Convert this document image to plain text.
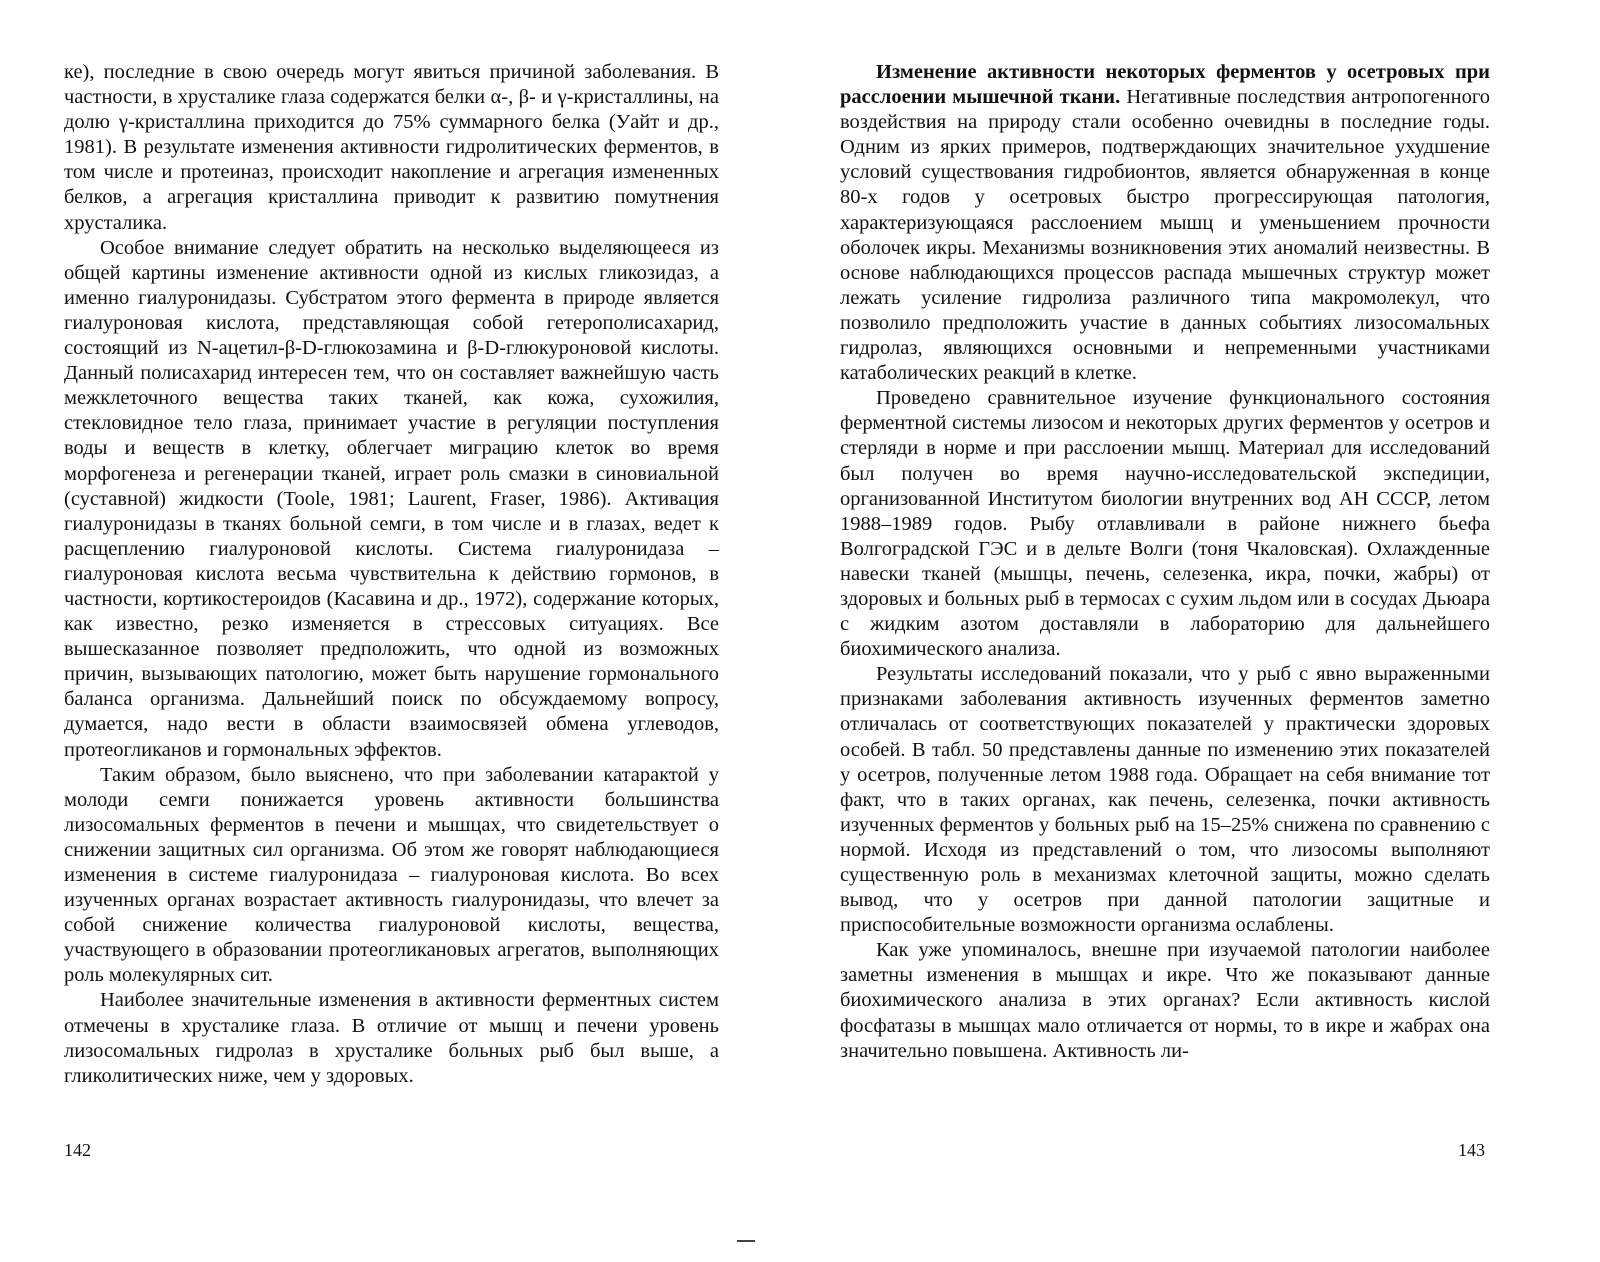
ке), последние в свою очередь могут явиться причиной заболевания. В частности, в хрусталике глаза содержатся белки α-, β- и γ-кристаллины, на долю γ-кристаллина приходится до 75% суммарного белка (Уайт и др., 1981). В результате изменения активности гидролитических ферментов, в том числе и протеиназ, происходит накопление и агрегация измененных белков, а агрегация кристаллина приводит к развитию помутнения хрусталика.

Особое внимание следует обратить на несколько выделяющееся из общей картины изменение активности одной из кислых гликозидаз, а именно гиалуронидазы. Субстратом этого фермента в природе является гиалуроновая кислота, представляющая собой гетерополисахарид, состоящий из N-ацетил-β-D-глюкозамина и β-D-глюкуроновой кислоты. Данный полисахарид интересен тем, что он составляет важнейшую часть межклеточного вещества таких тканей, как кожа, сухожилия, стекловидное тело глаза, принимает участие в регуляции поступления воды и веществ в клетку, облегчает миграцию клеток во время морфогенеза и регенерации тканей, играет роль смазки в синовиальной (суставной) жидкости (Toole, 1981; Laurent, Fraser, 1986). Активация гиалуронидазы в тканях больной семги, в том числе и в глазах, ведет к расщеплению гиалуроновой кислоты. Система гиалуронидаза – гиалуроновая кислота весьма чувствительна к действию гормонов, в частности, кортикостероидов (Касавина и др., 1972), содержание которых, как известно, резко изменяется в стрессовых ситуациях. Все вышесказанное позволяет предположить, что одной из возможных причин, вызывающих патологию, может быть нарушение гормонального баланса организма. Дальнейший поиск по обсуждаемому вопросу, думается, надо вести в области взаимосвязей обмена углеводов, протеогликанов и гормональных эффектов.

Таким образом, было выяснено, что при заболевании катарактой у молоди семги понижается уровень активности большинства лизосомальных ферментов в печени и мышцах, что свидетельствует о снижении защитных сил организма. Об этом же говорят наблюдающиеся изменения в системе гиалуронидаза – гиалуроновая кислота. Во всех изученных органах возрастает активность гиалуронидазы, что влечет за собой снижение количества гиалуроновой кислоты, вещества, участвующего в образовании протеогликановых агрегатов, выполняющих роль молекулярных сит.

Наиболее значительные изменения в активности ферментных систем отмечены в хрусталике глаза. В отличие от мышц и печени уровень лизосомальных гидролаз в хрусталике больных рыб был выше, а гликолитических ниже, чем у здоровых.

142

Изменение активности некоторых ферментов у осетровых при расслоении мышечной ткани. Негативные последствия антропогенного воздействия на природу стали особенно очевидны в последние годы. Одним из ярких примеров, подтверждающих значительное ухудшение условий существования гидробионтов, является обнаруженная в конце 80-х годов у осетровых быстро прогрессирующая патология, характеризующаяся расслоением мышц и уменьшением прочности оболочек икры. Механизмы возникновения этих аномалий неизвестны. В основе наблюдающихся процессов распада мышечных структур может лежать усиление гидролиза различного типа макромолекул, что позволило предположить участие в данных событиях лизосомальных гидролаз, являющихся основными и непременными участниками катаболических реакций в клетке.

Проведено сравнительное изучение функционального состояния ферментной системы лизосом и некоторых других ферментов у осетров и стерляди в норме и при расслоении мышц. Материал для исследований был получен во время научно-исследовательской экспедиции, организованной Институтом биологии внутренних вод АН СССР, летом 1988–1989 годов. Рыбу отлавливали в районе нижнего бьефа Волгоградской ГЭС и в дельте Волги (тоня Чкаловская). Охлажденные навески тканей (мышцы, печень, селезенка, икра, почки, жабры) от здоровых и больных рыб в термосах с сухим льдом или в сосудах Дьюара с жидким азотом доставляли в лабораторию для дальнейшего биохимического анализа.

Результаты исследований показали, что у рыб с явно выраженными признаками заболевания активность изученных ферментов заметно отличалась от соответствующих показателей у практически здоровых особей. В табл. 50 представлены данные по изменению этих показателей у осетров, полученные летом 1988 года. Обращает на себя внимание тот факт, что в таких органах, как печень, селезенка, почки активность изученных ферментов у больных рыб на 15–25% снижена по сравнению с нормой. Исходя из представлений о том, что лизосомы выполняют существенную роль в механизмах клеточной защиты, можно сделать вывод, что у осетров при данной патологии защитные и приспособительные возможности организма ослаблены.

Как уже упоминалось, внешне при изучаемой патологии наиболее заметны изменения в мышцах и икре. Что же показывают данные биохимического анализа в этих органах? Если активность кислой фосфатазы в мышцах мало отличается от нормы, то в икре и жабрах она значительно повышена. Активность ли-

143
